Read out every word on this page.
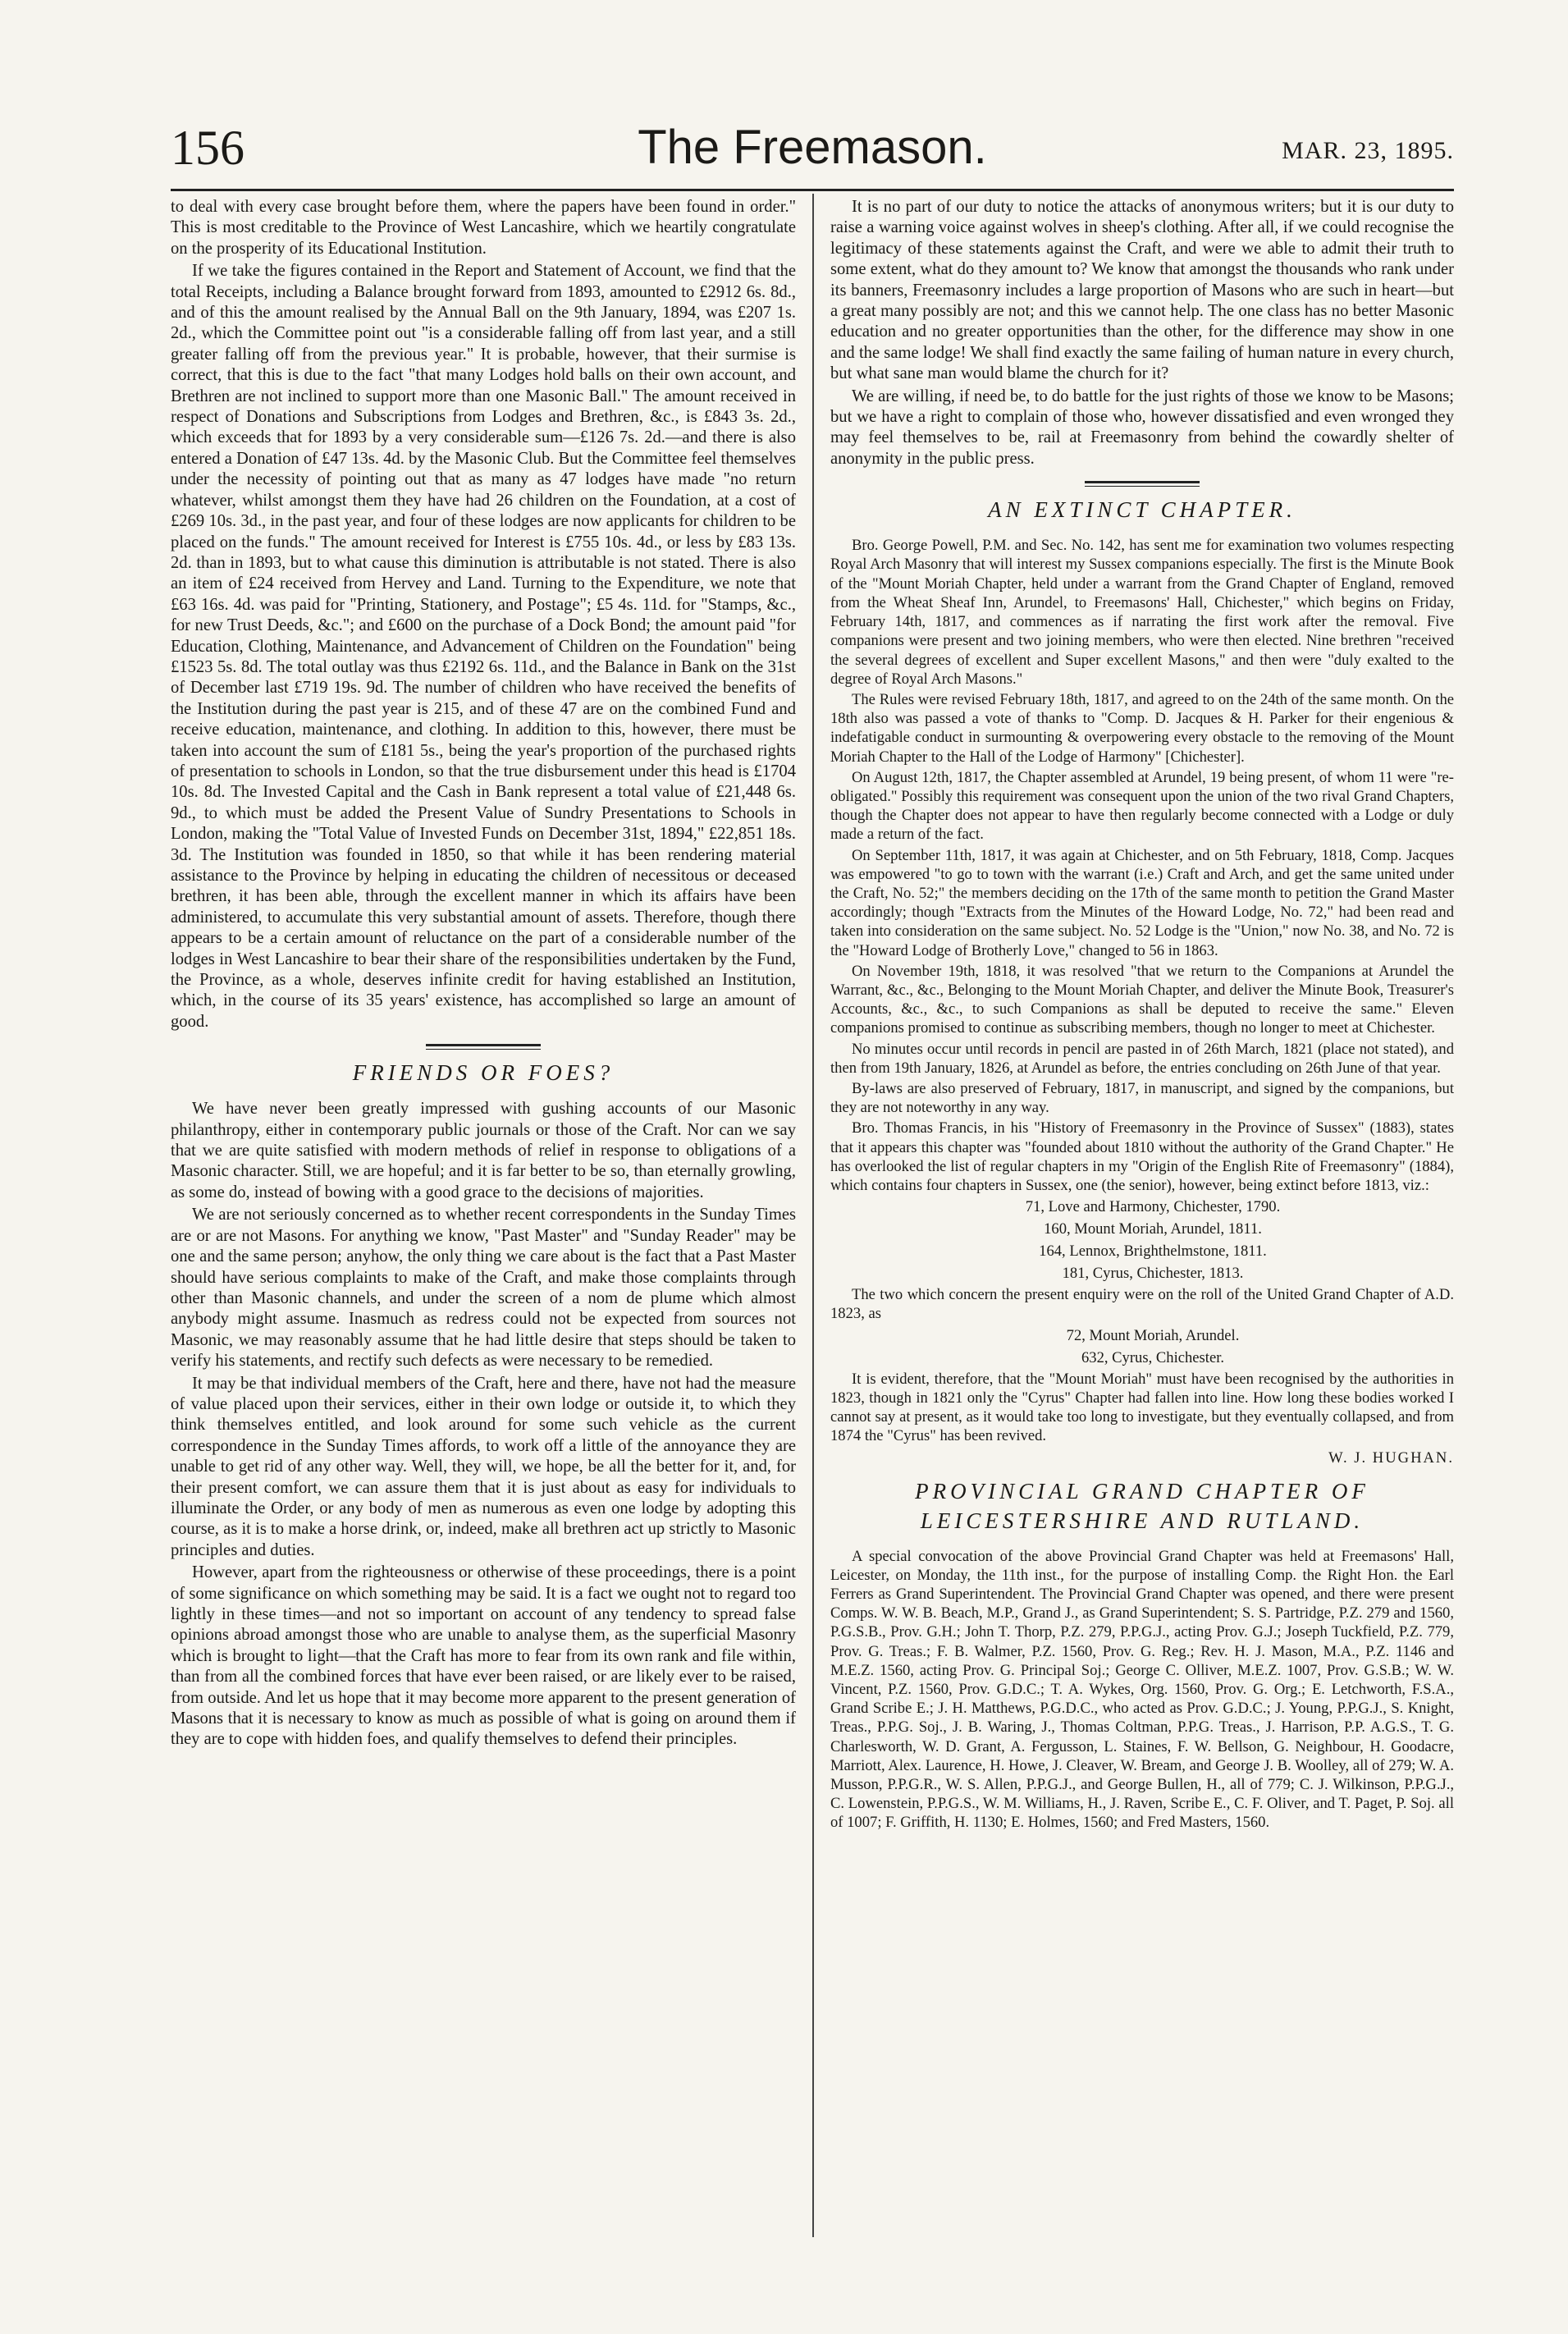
156	The Freemason.	MAR. 23, 1895.

to deal with every case brought before them, where the papers have been found in order." This is most creditable to the Province of West Lancashire, which we heartily congratulate on the prosperity of its Educational Institution.

If we take the figures contained in the Report and Statement of Account, we find that the total Receipts, including a Balance brought forward from 1893, amounted to £2912 6s. 8d., and of this the amount realised by the Annual Ball on the 9th January, 1894, was £207 1s. 2d., which the Committee point out "is a considerable falling off from last year, and a still greater falling off from the previous year." It is probable, however, that their surmise is correct, that this is due to the fact "that many Lodges hold balls on their own account, and Brethren are not inclined to support more than one Masonic Ball." The amount received in respect of Donations and Subscriptions from Lodges and Brethren, &c., is £843 3s. 2d., which exceeds that for 1893 by a very considerable sum—£126 7s. 2d.—and there is also entered a Donation of £47 13s. 4d. by the Masonic Club. But the Committee feel themselves under the necessity of pointing out that as many as 47 lodges have made "no return whatever, whilst amongst them they have had 26 children on the Foundation, at a cost of £269 10s. 3d., in the past year, and four of these lodges are now applicants for children to be placed on the funds." The amount received for Interest is £755 10s. 4d., or less by £83 13s. 2d. than in 1893, but to what cause this diminution is attributable is not stated. There is also an item of £24 received from Hervey and Land. Turning to the Expenditure, we note that £63 16s. 4d. was paid for "Printing, Stationery, and Postage"; £5 4s. 11d. for "Stamps, &c., for new Trust Deeds, &c."; and £600 on the purchase of a Dock Bond; the amount paid "for Education, Clothing, Maintenance, and Advancement of Children on the Foundation" being £1523 5s. 8d. The total outlay was thus £2192 6s. 11d., and the Balance in Bank on the 31st of December last £719 19s. 9d. The number of children who have received the benefits of the Institution during the past year is 215, and of these 47 are on the combined Fund and receive education, maintenance, and clothing. In addition to this, however, there must be taken into account the sum of £181 5s., being the year's proportion of the purchased rights of presentation to schools in London, so that the true disbursement under this head is £1704 10s. 8d. The Invested Capital and the Cash in Bank represent a total value of £21,448 6s. 9d., to which must be added the Present Value of Sundry Presentations to Schools in London, making the "Total Value of Invested Funds on December 31st, 1894," £22,851 18s. 3d. The Institution was founded in 1850, so that while it has been rendering material assistance to the Province by helping in educating the children of necessitous or deceased brethren, it has been able, through the excellent manner in which its affairs have been administered, to accumulate this very substantial amount of assets. Therefore, though there appears to be a certain amount of reluctance on the part of a considerable number of the lodges in West Lancashire to bear their share of the responsibilities undertaken by the Fund, the Province, as a whole, deserves infinite credit for having established an Institution, which, in the course of its 35 years' existence, has accomplished so large an amount of good.

FRIENDS OR FOES?

We have never been greatly impressed with gushing accounts of our Masonic philanthropy, either in contemporary public journals or those of the Craft. Nor can we say that we are quite satisfied with modern methods of relief in response to obligations of a Masonic character. Still, we are hopeful; and it is far better to be so, than eternally growling, as some do, instead of bowing with a good grace to the decisions of majorities.

We are not seriously concerned as to whether recent correspondents in the Sunday Times are or are not Masons. For anything we know, "Past Master" and "Sunday Reader" may be one and the same person; anyhow, the only thing we care about is the fact that a Past Master should have serious complaints to make of the Craft, and make those complaints through other than Masonic channels, and under the screen of a nom de plume which almost anybody might assume. Inasmuch as redress could not be expected from sources not Masonic, we may reasonably assume that he had little desire that steps should be taken to verify his statements, and rectify such defects as were necessary to be remedied.

It may be that individual members of the Craft, here and there, have not had the measure of value placed upon their services, either in their own lodge or outside it, to which they think themselves entitled, and look around for some such vehicle as the current correspondence in the Sunday Times affords, to work off a little of the annoyance they are unable to get rid of any other way. Well, they will, we hope, be all the better for it, and, for their present comfort, we can assure them that it is just about as easy for individuals to illuminate the Order, or any body of men as numerous as even one lodge by adopting this course, as it is to make a horse drink, or, indeed, make all brethren act up strictly to Masonic principles and duties.

However, apart from the righteousness or otherwise of these proceedings, there is a point of some significance on which something may be said. It is a fact we ought not to regard too lightly in these times—and not so important on account of any tendency to spread false opinions abroad amongst those who are unable to analyse them, as the superficial Masonry which is brought to light—that the Craft has more to fear from its own rank and file within, than from all the combined forces that have ever been raised, or are likely ever to be raised, from outside. And let us hope that it may become more apparent to the present generation of Masons that it is necessary to know as much as possible of what is going on around them if they are to cope with hidden foes, and qualify themselves to defend their principles.

It is no part of our duty to notice the attacks of anonymous writers; but it is our duty to raise a warning voice against wolves in sheep's clothing. After all, if we could recognise the legitimacy of these statements against the Craft, and were we able to admit their truth to some extent, what do they amount to? We know that amongst the thousands who rank under its banners, Freemasonry includes a large proportion of Masons who are such in heart—but a great many possibly are not; and this we cannot help. The one class has no better Masonic education and no greater opportunities than the other, for the difference may show in one and the same lodge! We shall find exactly the same failing of human nature in every church, but what sane man would blame the church for it?

We are willing, if need be, to do battle for the just rights of those we know to be Masons; but we have a right to complain of those who, however dissatisfied and even wronged they may feel themselves to be, rail at Freemasonry from behind the cowardly shelter of anonymity in the public press.

AN EXTINCT CHAPTER.

Bro. George Powell, P.M. and Sec. No. 142, has sent me for examination two volumes respecting Royal Arch Masonry that will interest my Sussex companions especially. The first is the Minute Book of the "Mount Moriah Chapter, held under a warrant from the Grand Chapter of England, removed from the Wheat Sheaf Inn, Arundel, to Freemasons' Hall, Chichester," which begins on Friday, February 14th, 1817, and commences as if narrating the first work after the removal. Five companions were present and two joining members, who were then elected. Nine brethren "received the several degrees of excellent and Super excellent Masons," and then were "duly exalted to the degree of Royal Arch Masons."

The Rules were revised February 18th, 1817, and agreed to on the 24th of the same month. On the 18th also was passed a vote of thanks to "Comp. D. Jacques & H. Parker for their engenious & indefatigable conduct in surmounting & overpowering every obstacle to the removing of the Mount Moriah Chapter to the Hall of the Lodge of Harmony" [Chichester].

On August 12th, 1817, the Chapter assembled at Arundel, 19 being present, of whom 11 were "re-obligated." Possibly this requirement was consequent upon the union of the two rival Grand Chapters, though the Chapter does not appear to have then regularly become connected with a Lodge or duly made a return of the fact.

On September 11th, 1817, it was again at Chichester, and on 5th February, 1818, Comp. Jacques was empowered "to go to town with the warrant (i.e.) Craft and Arch, and get the same united under the Craft, No. 52;" the members deciding on the 17th of the same month to petition the Grand Master accordingly; though "Extracts from the Minutes of the Howard Lodge, No. 72," had been read and taken into consideration on the same subject. No. 52 Lodge is the "Union," now No. 38, and No. 72 is the "Howard Lodge of Brotherly Love," changed to 56 in 1863.

On November 19th, 1818, it was resolved "that we return to the Companions at Arundel the Warrant, &c., &c., Belonging to the Mount Moriah Chapter, and deliver the Minute Book, Treasurer's Accounts, &c., &c., to such Companions as shall be deputed to receive the same." Eleven companions promised to continue as subscribing members, though no longer to meet at Chichester.

No minutes occur until records in pencil are pasted in of 26th March, 1821 (place not stated), and then from 19th January, 1826, at Arundel as before, the entries concluding on 26th June of that year.

By-laws are also preserved of February, 1817, in manuscript, and signed by the companions, but they are not noteworthy in any way.

Bro. Thomas Francis, in his "History of Freemasonry in the Province of Sussex" (1883), states that it appears this chapter was "founded about 1810 without the authority of the Grand Chapter." He has overlooked the list of regular chapters in my "Origin of the English Rite of Freemasonry" (1884), which contains four chapters in Sussex, one (the senior), however, being extinct before 1813, viz.:

71, Love and Harmony, Chichester, 1790.

160, Mount Moriah, Arundel, 1811.

164, Lennox, Brighthelmstone, 1811.

181, Cyrus, Chichester, 1813.

The two which concern the present enquiry were on the roll of the United Grand Chapter of A.D. 1823, as

72, Mount Moriah, Arundel.

632, Cyrus, Chichester.

It is evident, therefore, that the "Mount Moriah" must have been recognised by the authorities in 1823, though in 1821 only the "Cyrus" Chapter had fallen into line. How long these bodies worked I cannot say at present, as it would take too long to investigate, but they eventually collapsed, and from 1874 the "Cyrus" has been revived.

W. J. HUGHAN.
PROVINCIAL GRAND CHAPTER OF LEICESTERSHIRE AND RUTLAND.

A special convocation of the above Provincial Grand Chapter was held at Freemasons' Hall, Leicester, on Monday, the 11th inst., for the purpose of installing Comp. the Right Hon. the Earl Ferrers as Grand Superintendent. The Provincial Grand Chapter was opened, and there were present Comps. W. W. B. Beach, M.P., Grand J., as Grand Superintendent; S. S. Partridge, P.Z. 279 and 1560, P.G.S.B., Prov. G.H.; John T. Thorp, P.Z. 279, P.P.G.J., acting Prov. G.J.; Joseph Tuckfield, P.Z. 779, Prov. G. Treas.; F. B. Walmer, P.Z. 1560, Prov. G. Reg.; Rev. H. J. Mason, M.A., P.Z. 1146 and M.E.Z. 1560, acting Prov. G. Principal Soj.; George C. Olliver, M.E.Z. 1007, Prov. G.S.B.; W. W. Vincent, P.Z. 1560, Prov. G.D.C.; T. A. Wykes, Org. 1560, Prov. G. Org.; E. Letchworth, F.S.A., Grand Scribe E.; J. H. Matthews, P.G.D.C., who acted as Prov. G.D.C.; J. Young, P.P.G.J., S. Knight, Treas., P.P.G. Soj., J. B. Waring, J., Thomas Coltman, P.P.G. Treas., J. Harrison, P.P. A.G.S., T. G. Charlesworth, W. D. Grant, A. Fergusson, L. Staines, F. W. Bellson, G. Neighbour, H. Goodacre, Marriott, Alex. Laurence, H. Howe, J. Cleaver, W. Bream, and George J. B. Woolley, all of 279; W. A. Musson, P.P.G.R., W. S. Allen, P.P.G.J., and George Bullen, H., all of 779; C. J. Wilkinson, P.P.G.J., C. Lowenstein, P.P.G.S., W. M. Williams, H., J. Raven, Scribe E., C. F. Oliver, and T. Paget, P. Soj. all of 1007; F. Griffith, H. 1130; E. Holmes, 1560; and Fred Masters, 1560.
